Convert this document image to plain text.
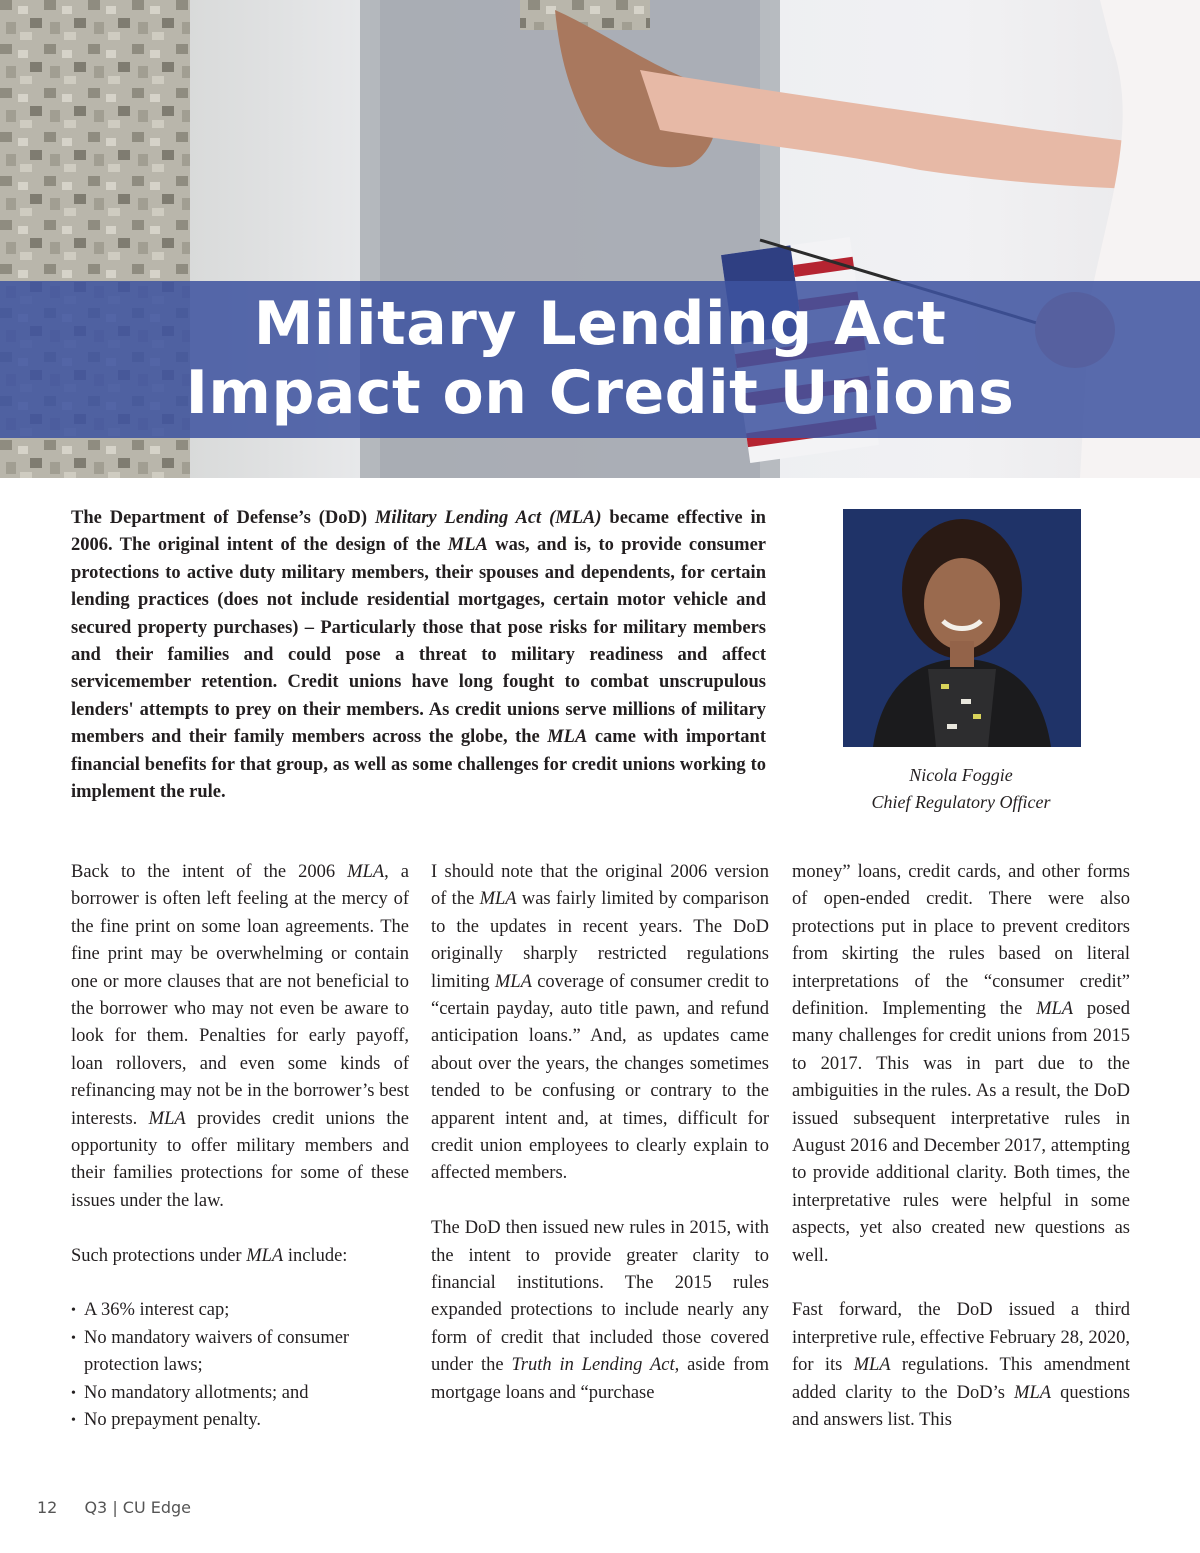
Military Lending Act
Impact on Credit Unions
The Department of Defense’s (DoD) Military Lending Act (MLA) became effective in 2006. The original intent of the design of the MLA was, and is, to provide consumer protections to active duty military members, their spouses and dependents, for certain lending practices (does not include residential mortgages, certain motor vehicle and secured property purchases) – Particularly those that pose risks for military members and their families and could pose a threat to military readiness and affect servicemember retention. Credit unions have long fought to combat unscrupulous lenders' attempts to prey on their members. As credit unions serve millions of military members and their family members across the globe, the MLA came with important financial benefits for that group, as well as some challenges for credit unions working to implement the rule.
Nicola Foggie
Chief Regulatory Officer

Back to the intent of the 2006 MLA, a borrower is often left feeling at the mercy of the fine print on some loan agreements. The fine print may be overwhelming or contain one or more clauses that are not beneficial to the borrower who may not even be aware to look for them. Penalties for early payoff, loan rollovers, and even some kinds of refinancing may not be in the borrower’s best interests. MLA provides credit unions the opportunity to offer military members and their families protections for some of these issues under the law.

Such protections under MLA include:

• A 36% interest cap;
• No mandatory waivers of consumer protection laws;
• No mandatory allotments; and
• No prepayment penalty.

I should note that the original 2006 version of the MLA was fairly limited by comparison to the updates in recent years. The DoD originally sharply restricted regulations limiting MLA coverage of consumer credit to “certain payday, auto title pawn, and refund anticipation loans.” And, as updates came about over the years, the changes sometimes tended to be confusing or contrary to the apparent intent and, at times, difficult for credit union employees to clearly explain to affected members.

The DoD then issued new rules in 2015, with the intent to provide greater clarity to financial institutions. The 2015 rules expanded protections to include nearly any form of credit that included those covered under the Truth in Lending Act, aside from mortgage loans and “purchase

money” loans, credit cards, and other forms of open-ended credit. There were also protections put in place to prevent creditors from skirting the rules based on literal interpretations of the “consumer credit” definition. Implementing the MLA posed many challenges for credit unions from 2015 to 2017. This was in part due to the ambiguities in the rules. As a result, the DoD issued subsequent interpretative rules in August 2016 and December 2017, attempting to provide additional clarity. Both times, the interpretative rules were helpful in some aspects, yet also created new questions as well.

Fast forward, the DoD issued a third interpretive rule, effective February 28, 2020, for its MLA regulations. This amendment added clarity to the DoD’s MLA questions and answers list. This

12 Q3 | CU Edge
